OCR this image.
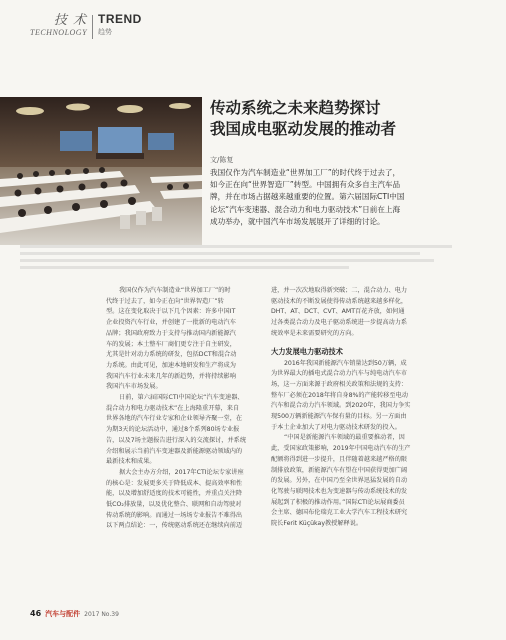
技 术
TECHNOLOGY
TREND
趋势
传动系统之未来趋势探讨
我国成电驱动发展的推动者
文/陈复

我国仅作为汽车制造业“世界加工厂”的时代终于过去了，

如今正在向“世界智造厂”转型。中国拥有众多自主汽车品

牌，并在市场占据越来越重要的位置。第六届国际CTI中国

论坛“汽车变速器、混合动力和电力驱动技术”日前在上海

成功举办，就中国汽车市场发展展开了详细的讨论。

我国仅作为汽车制造业“世界加工厂”的时

代终于过去了，如今正在向“世界智造厂”转

型。这在变化取决于以下几个因素：许多中国IT

企业投资汽车行业，并创建了一批新的电动汽车

品牌；我国政府致力于支持与推动国内新能源汽

车的发展；本土整车厂商们更专注于自主研发，

尤其是针对动力系统的研发，包括DCT和混合动

力系统。由此可见，加速本地研发和生产将成为

我国汽车行业未来几年的新趋势，并将持续影响

我国汽车市场发展。

日前，第六届国际CTI中国论坛“汽车变速器、

混合动力和电力驱动技术”在上海隆重开幕，来自

世界各地的汽车行业专家和企业领导齐聚一堂，在

为期3天的论坛活动中，通过8个系列80场专业报

告，以及7场主题报告进行深入的交流探讨，并系统

介绍和展示当前汽车变速器及新能源驱动领域内的

最新技术和成果。

据大会主办方介绍，2017年CTI论坛专家讲座

的核心是：发展更多关于降低成本、提高效率和性

能，以及增加舒适度的技术可能性，并重点关注降

低CO₂排放量，以及优化整合、联网和自动驾驶对

传动系统的影响。而通过一场场专业报告不难得出

以下两点结论：一，传统驱动系统还在继续向前迈

进，并一次次地取得新突破；二，混合动力、电力

驱动技术的不断发展使得传动系统越来越多样化，

DHT、AT、DCT、CVT、AMT百花齐放，如何通

过各类混合动力及电子驱动系统进一步提高动力系

统效率是未来需要研究的方向。

大力发展电力驱动技术

2016年我国新能源汽车销量达到50万辆，成

为世界最大的插电式混合动力汽车与纯电动汽车市

场，这一方面来源于政府相关政策和法规的支持：

整车厂必须在2018年将自身8%的产能转移至电动

汽车和混合动力汽车领域。到2020年，我国力争实

现500万辆新能源汽车保有量的目标。另一方面由

于本土企业加大了对电力驱动技术研发的投入。

“中国是新能源汽车领域的最重要推动者，因

此，受国家政策影响，2019年中国电动汽车的生产

配额将得到进一步提升，且伴随着越来越严格的限

制排放政策，新能源汽车有望在中国获得更加广阔

的发展。另外，在中国乃至全世界迅猛发展的自动

化驾驶与联网技术也为变速器与传动系统技术的发

展起到了积极的推动作用。”国际CTI论坛展商委员

会主席、德国布伦瑞克工业大学汽车工程技术研究

院长Ferit Küçükay教授解释说。

46 汽车与配件 2017 No.39
